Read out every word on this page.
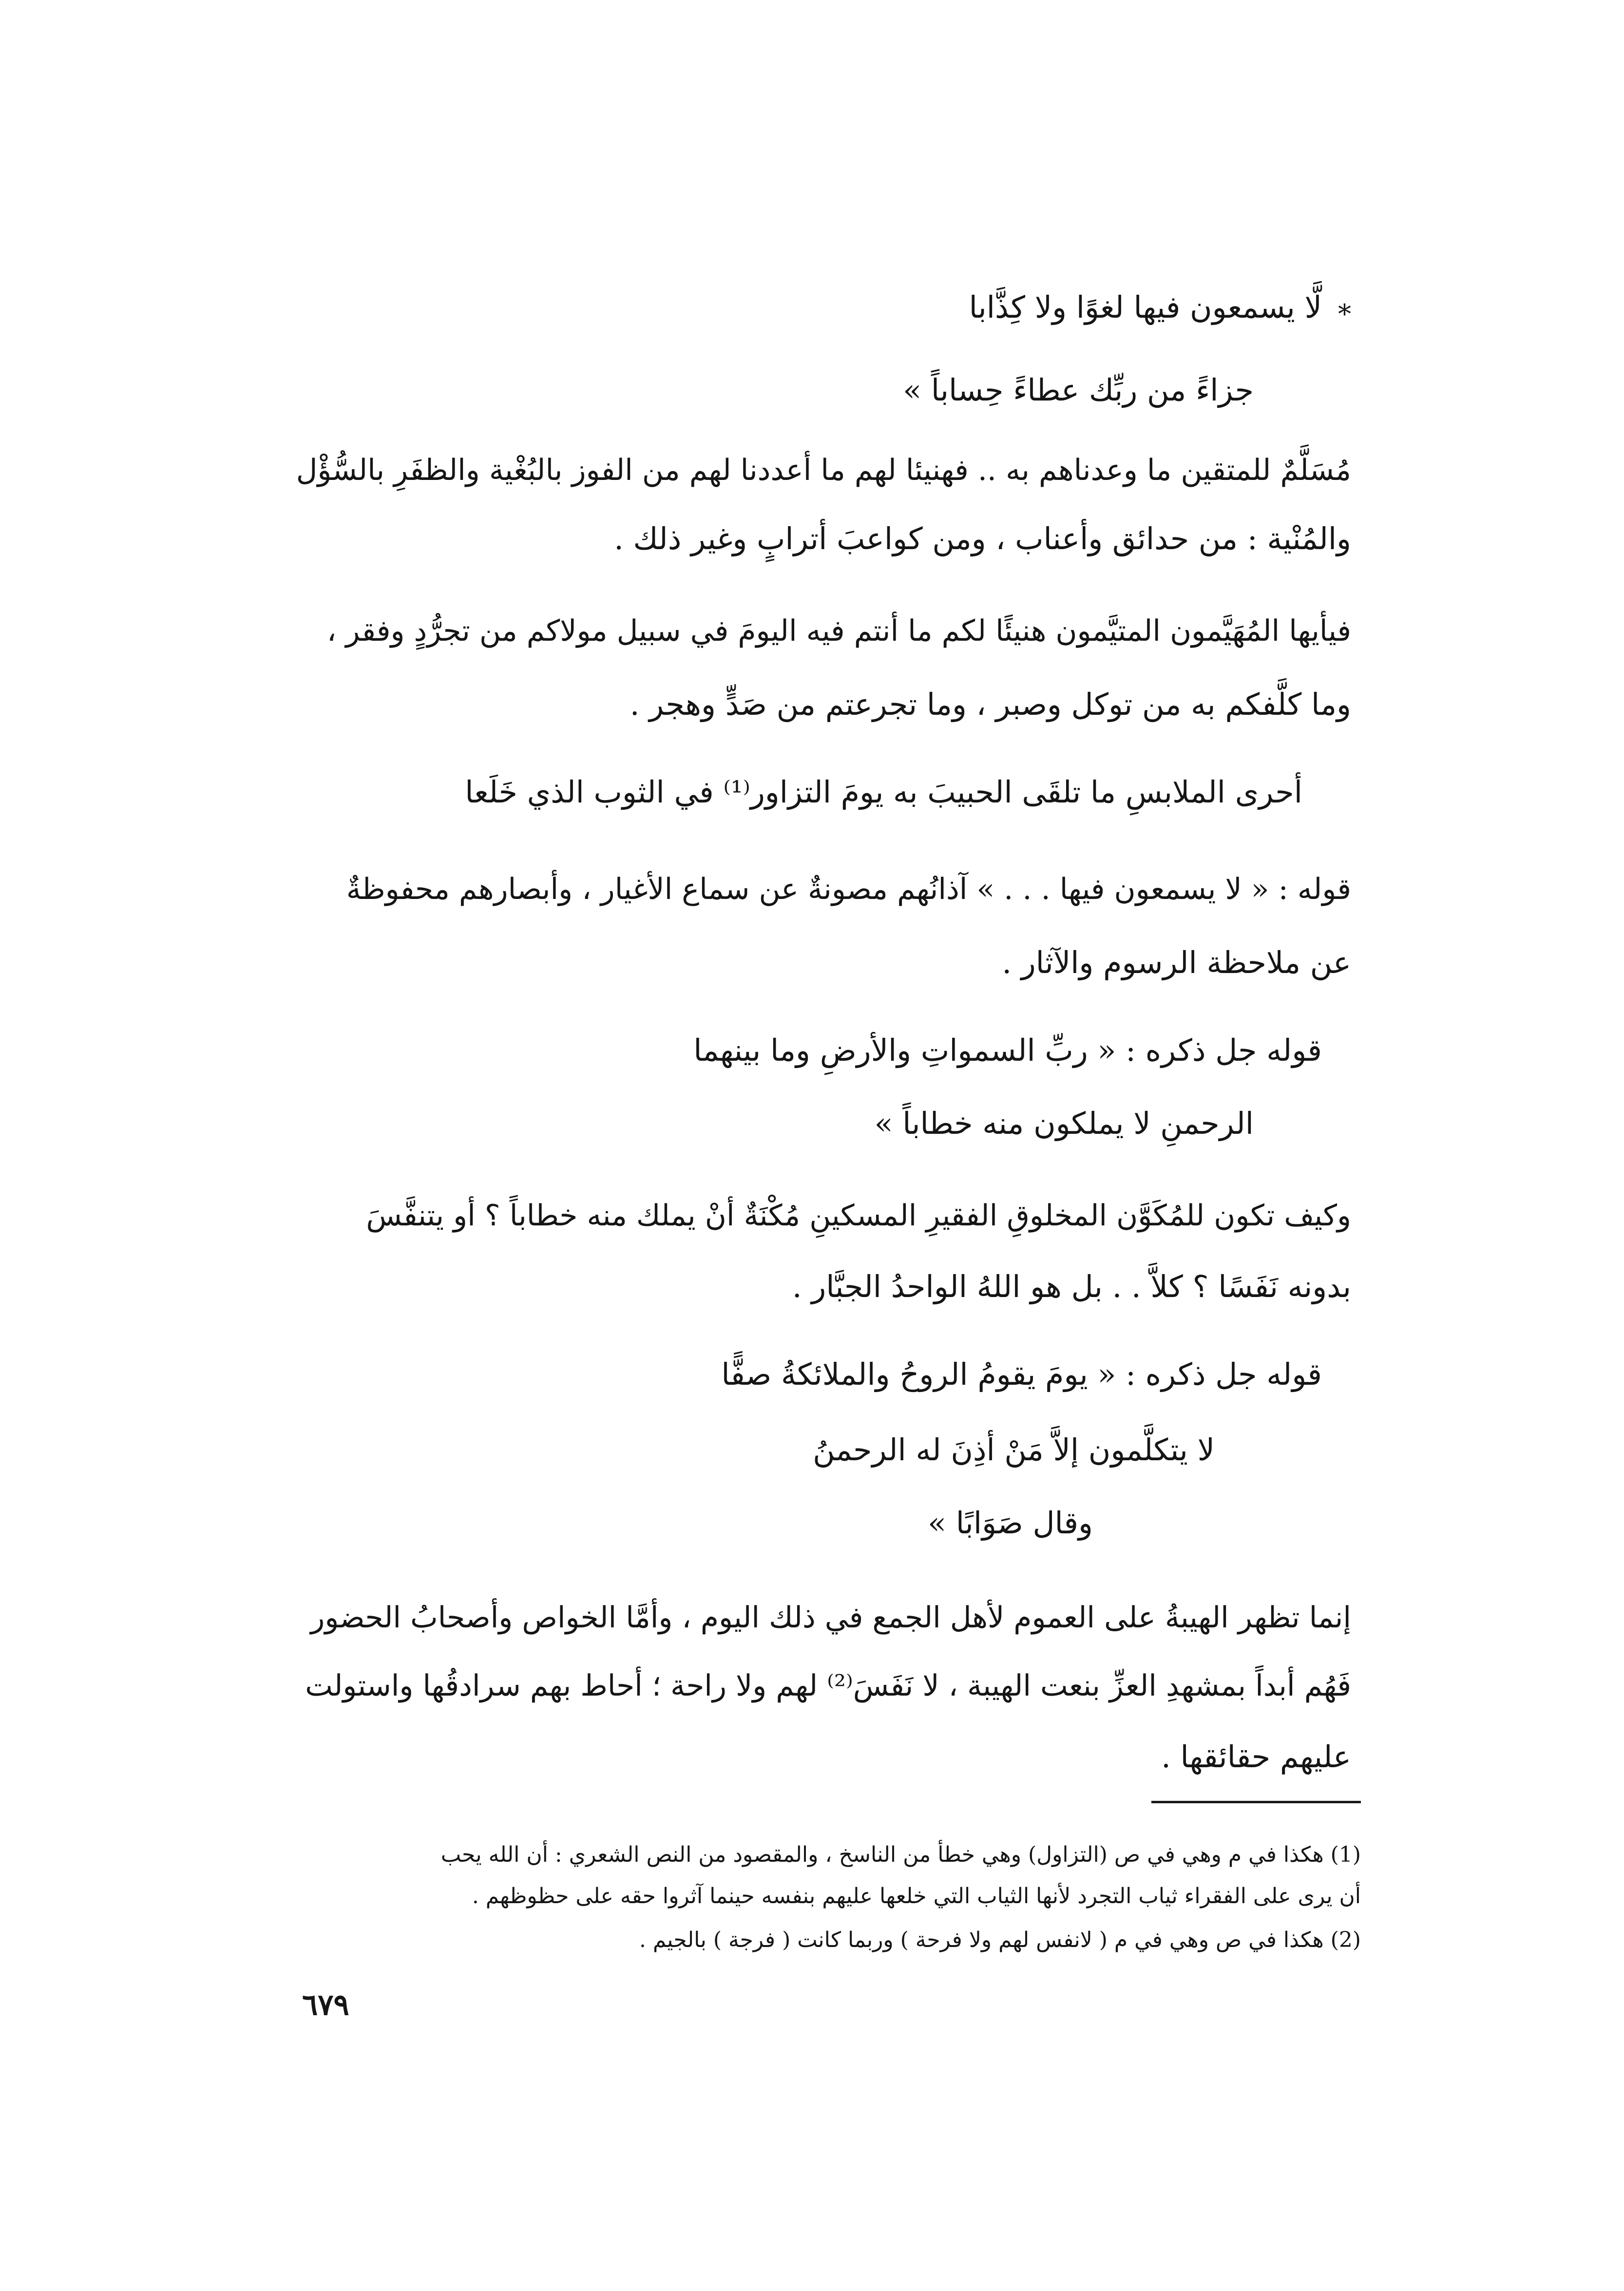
لَّا يسمعون فيها لغوًا ولا كِذَّابا *
جزاءً من ربِّك عطاءً حِساباً »
مُسَلَّمٌ للمتقين ما وعدناهم به .. فهنيئا لهم ما أعددنا لهم من الفوز بالبُغْية والظفَرِ بالسُّؤْل
والمُنْية : من حدائق وأعناب ، ومن كواعبَ أترابٍ وغير ذلك .
فيأيها المُهَيَّمون المتيَّمون هنيئًا لكم ما أنتم فيه اليومَ في سبيل مولاكم من تجرُّدٍ وفقر ،
وما كلَّفكم به من توكل وصبر ، وما تجرعتم من صَدٍّ وهجر .
أحرى الملابسِ ما تلقَى الحبيبَ به يومَ التزاور⁽¹⁾ في الثوب الذي خَلَعا
قوله : « لا يسمعون فيها . . . » آذانُهم مصونةٌ عن سماع الأغيار ، وأبصارهم محفوظةٌ
عن ملاحظة الرسوم والآثار .
قوله جل ذكره : « ربِّ السمواتِ والأرضِ وما بينهما
الرحمنِ لا يملكون منه خطاباً »
وكيف تكون للمُكَوَّن المخلوقِ الفقيرِ المسكينِ مُكْنَةٌ أنْ يملك منه خطاباً ؟ أو يتنفَّسَ
بدونه نَفَسًا ؟ كلاَّ . . بل هو اللهُ الواحدُ الجبَّار .
قوله جل ذكره : « يومَ يقومُ الروحُ والملائكةُ صفًّا
لا يتكلَّمون إلاَّ مَنْ أذِنَ له الرحمنُ
وقال صَوَابًا »
إنما تظهر الهيبةُ على العموم لأهل الجمع في ذلك اليوم ، وأمَّا الخواص وأصحابُ الحضور
فَهُم أبداً بمشهدِ العزِّ بنعت الهيبة ، لا نَفَسَ⁽²⁾ لهم ولا راحة ؛ أحاط بهم سرادقُها واستولت
عليهم حقائقها .
(1) هكذا في م وهي في ص (التزاول) وهي خطأ من الناسخ ، والمقصود من النص الشعري : أن الله يحب
أن يرى على الفقراء ثياب التجرد لأنها الثياب التي خلعها عليهم بنفسه حينما آثروا حقه على حظوظهم .
(2) هكذا في ص وهي في م ( لانفس لهم ولا فرحة ) وربما كانت ( فرجة ) بالجيم .
٦٧٩
